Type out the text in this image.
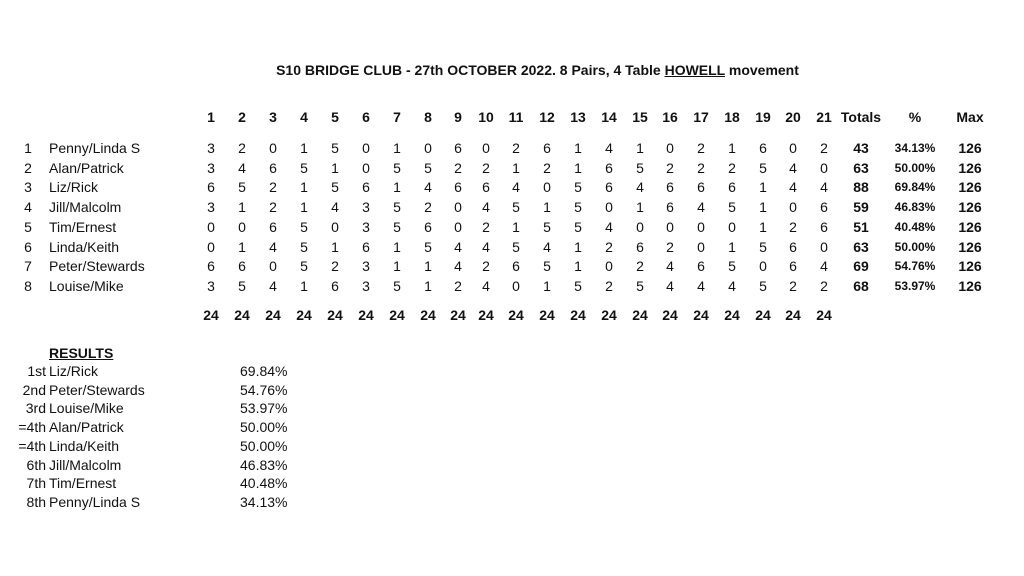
S10 BRIDGE CLUB - 27th OCTOBER 2022. 8 Pairs, 4 Table HOWELL movement
1 2 3 4 5 6 7 8 9 10 11 12 13 14 15 16 17 18 19 20 21 Totals %	Max
1 Penny/Linda S	3 2 0 1 5 0 1 0 6 0 2 6 1 4 1 0 2 1 6 0 2 43 34.13% 126
2 Alan/Patrick	3 4 6 5 1 0 5 5 2 2 1 2 1 6 5 2 2 2 5 4 0 63 50.00% 126
3 Liz/Rick	6 5 2 1 5 6 1 4 6 6 4 0 5 6 4 6 6 6 1 4 4 88 69.84% 126
4 Jill/Malcolm	3 1 2 1 4 3 5 2 0 4 5 1 5 0 1 6 4 5 1 0 6 59 46.83% 126
5 Tim/Ernest	0 0 6 5 0 3 5 6 0 2 1 5 5 4 0 0 0 0 1 2 6 51 40.48% 126
6 Linda/Keith	0 1 4 5 1 6 1 5 4 4 5 4 1 2 6 2 0 1 5 6 0 63 50.00% 126
7 Peter/Stewards	6 6 0 5 2 3 1 1 4 2 6 5 1 0 2 4 6 5 0 6 4 69 54.76% 126
8 Louise/Mike	3 5 4 1 6 3 5 1 2 4 0 1 5 2 5 4 4 4 5 2 2 68 53.97% 126
24 24 24 24 24 24 24 24 24 24 24 24 24 24 24 24 24 24 24 24 24
RESULTS
1st Liz/Rick	69.84%
2nd Peter/Stewards	54.76%
3rd Louise/Mike	53.97%
=4th Alan/Patrick	50.00%
=4th Linda/Keith	50.00%
6th Jill/Malcolm	46.83%
7th Tim/Ernest	40.48%
8th Penny/Linda S	34.13%
